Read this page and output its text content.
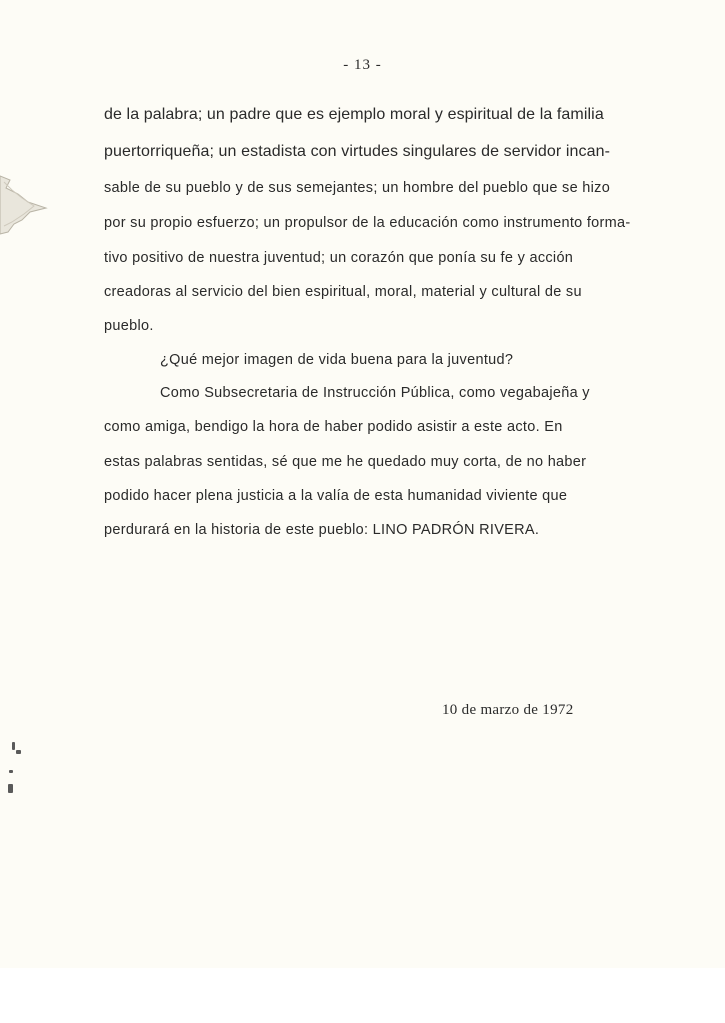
- 13 -
de la palabra; un padre que es ejemplo moral y espiritual de la familia
puertorriqueña; un estadista con virtudes singulares de servidor incan-
sable de su pueblo y de sus semejantes; un hombre del pueblo que se hizo
por su propio esfuerzo; un propulsor de la educación como instrumento forma-
tivo positivo de nuestra juventud; un corazón que ponía su fe y acción
creadoras al servicio del bien espiritual, moral, material y cultural de su
pueblo.
¿Qué mejor imagen de vida buena para la juventud?
Como Subsecretaria de Instrucción Pública, como vegabajeña y
como amiga, bendigo la hora de haber podido asistir a este acto. En
estas palabras sentidas, sé que me he quedado muy corta, de no haber
podido hacer plena justicia a la valía de esta humanidad viviente que
perdurará en la historia de este pueblo: LINO PADRÓN RIVERA.
10 de marzo de 1972
